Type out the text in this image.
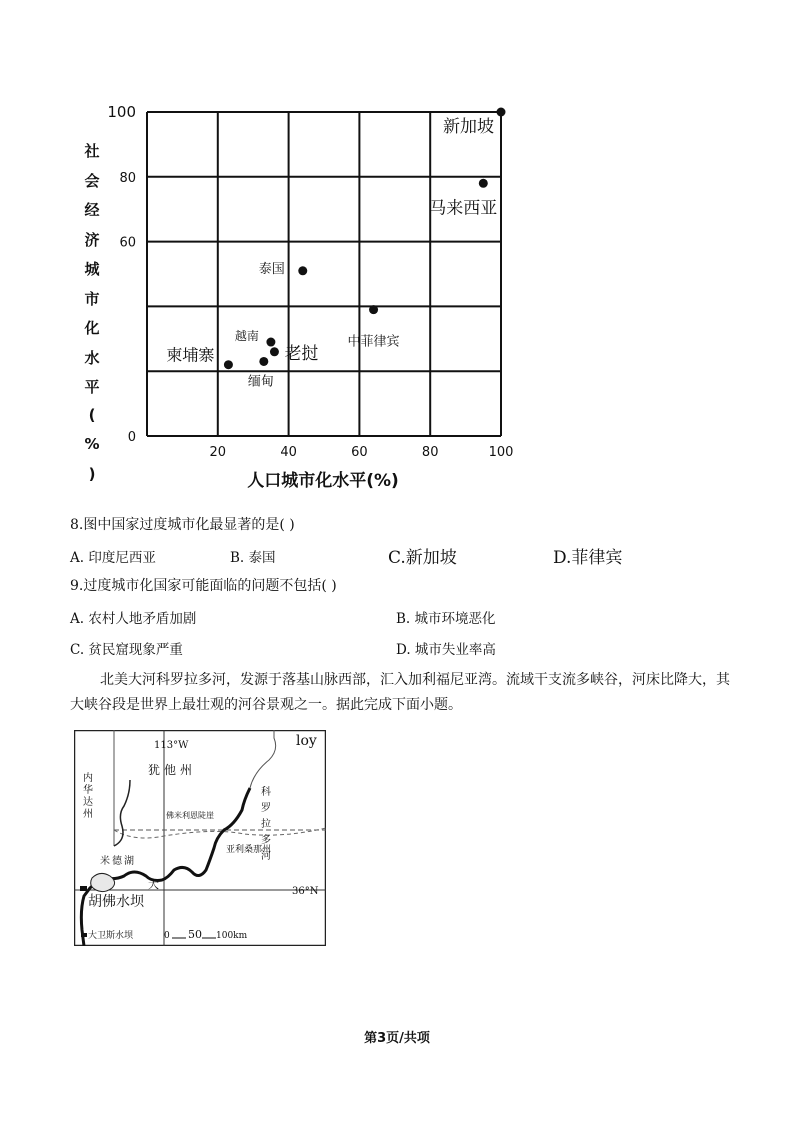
20	40	60	80	100
0
60
80
100
新加坡
马来西亚
泰国
中菲律宾
越南
老挝
柬埔寨
缅甸
人口城市化水平(%)
社
会
经
济
城
市
化
水
平
(
%
)
8.图中国家过度城市化最显著的是( )
A. 印度尼西亚	B. 泰国	C.新加坡	D.菲律宾
9.过度城市化国家可能面临的问题不包括( )
A. 农村人地矛盾加剧	B. 城市环境恶化
C. 贫民窟现象严重	D. 城市失业率高
北美大河科罗拉多河，发源于落基山脉西部，汇入加利福尼亚湾。流域干支流多峡谷，河床比降大，其大峡谷段是世界上最壮观的河谷景观之一。据此完成下面小题。
113°W	loy
犹他州
内华达州	科罗拉多河
佛米利恩陡崖
亚利桑那州
米德湖
大
36°N
胡佛水坝
大卫斯水坝	0 50 100km
第3页/共项
